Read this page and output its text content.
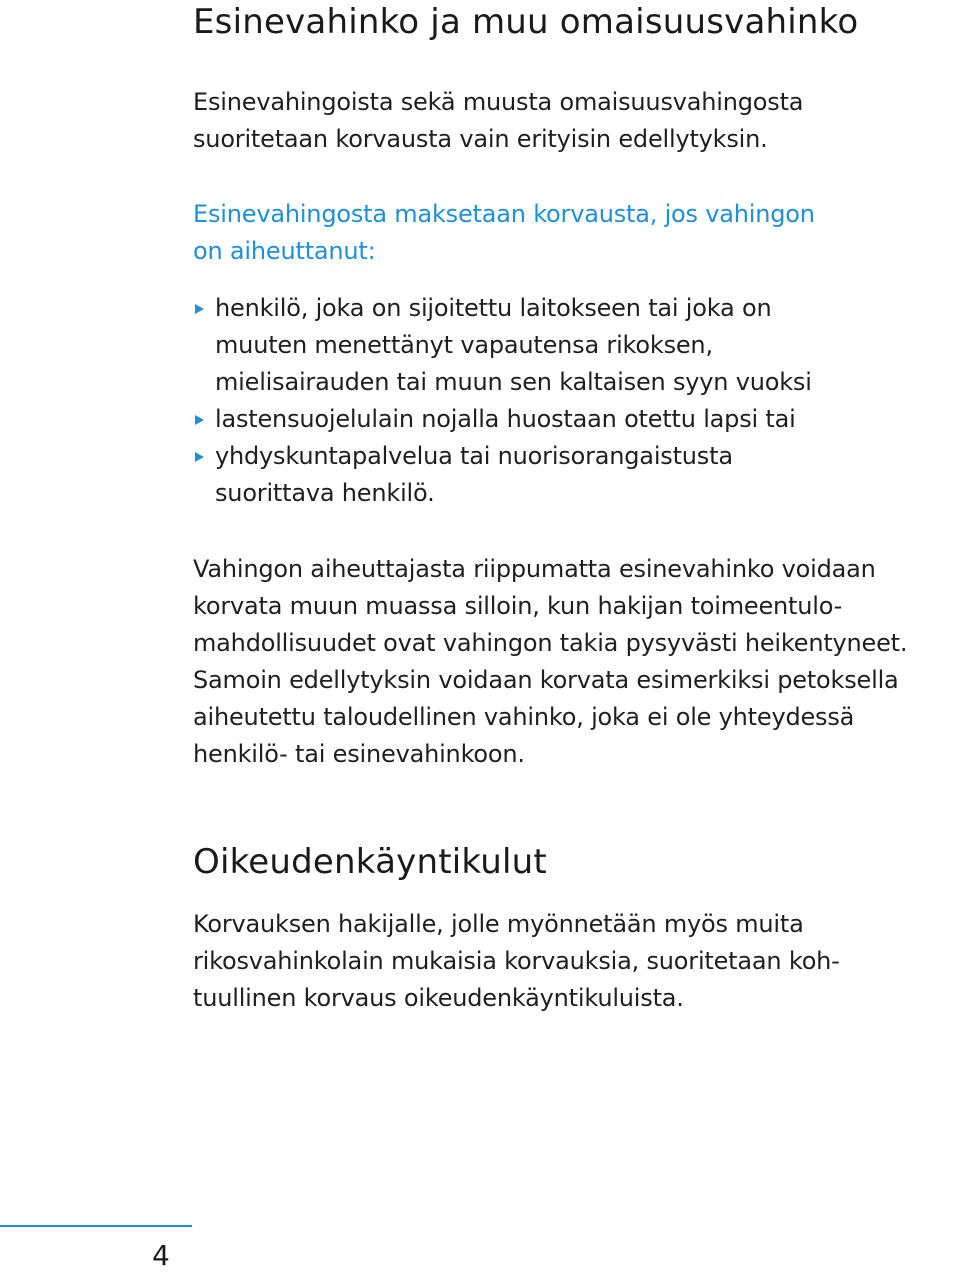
Esinevahinko ja muu omaisuusvahinko

Esinevahingoista sekä muusta omaisuusvahingosta
suoritetaan korvausta vain erityisin edellytyksin.

Esinevahingosta maksetaan korvausta, jos vahingon
on aiheuttanut:

henkilö, joka on sijoitettu laitokseen tai joka on
muuten menettänyt vapautensa rikoksen,
mielisairauden tai muun sen kaltaisen syyn vuoksi
lastensuojelulain nojalla huostaan otettu lapsi tai
yhdyskuntapalvelua tai nuorisorangaistusta
suorittava henkilö.

Vahingon aiheuttajasta riippumatta esinevahinko voidaan
korvata muun muassa silloin, kun hakijan toimeentulo-
mahdollisuudet ovat vahingon takia pysyvästi heikentyneet.
Samoin edellytyksin voidaan korvata esimerkiksi petoksella
aiheutettu taloudellinen vahinko, joka ei ole yhteydessä
henkilö- tai esinevahinkoon.

Oikeudenkäyntikulut

Korvauksen hakijalle, jolle myönnetään myös muita
rikosvahinkolain mukaisia korvauksia, suoritetaan koh-
tuullinen korvaus oikeudenkäyntikuluista.

4
